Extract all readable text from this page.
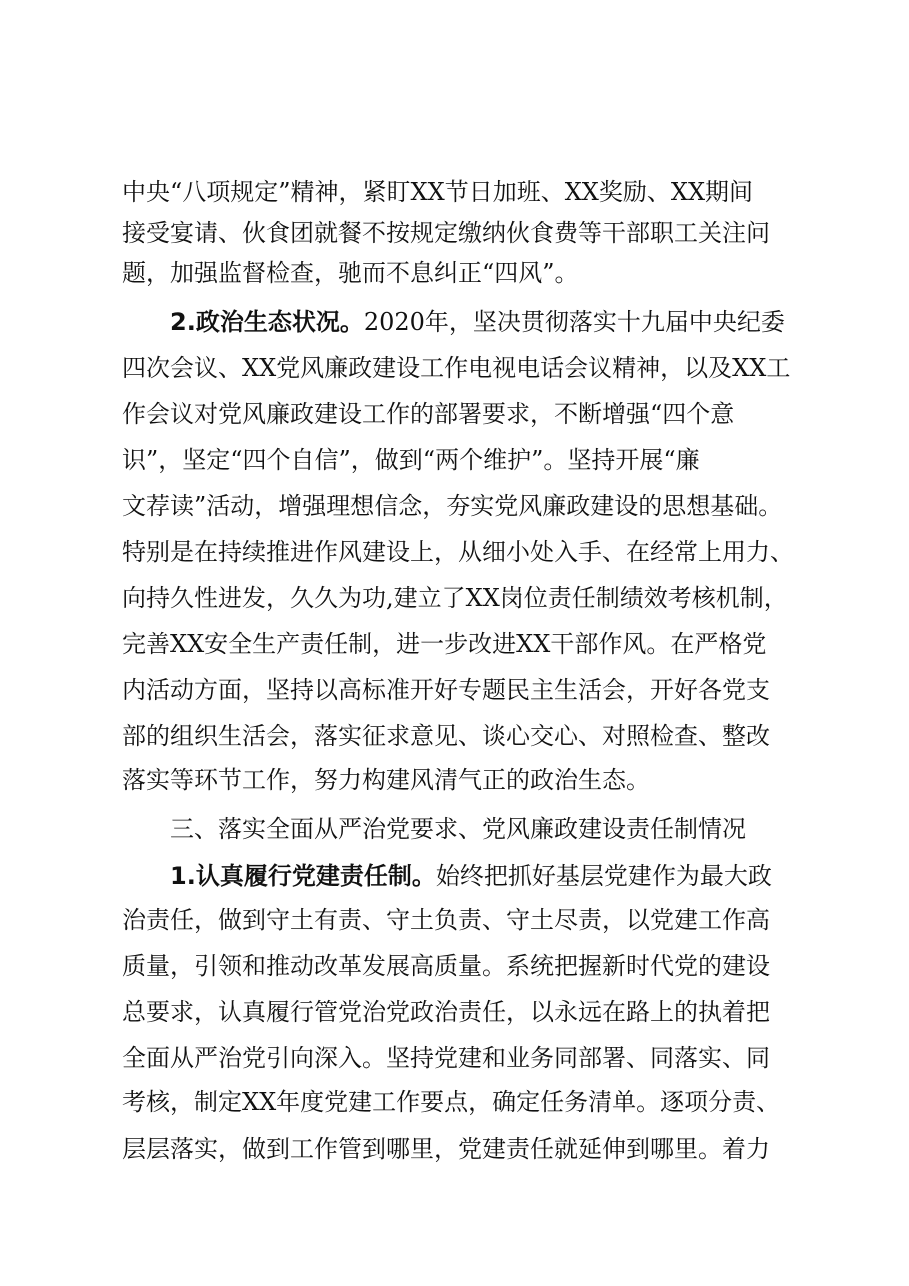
中央“八项规定”精神，紧盯XX节日加班、XX奖励、XX期间
接受宴请、伙食团就餐不按规定缴纳伙食费等干部职工关注问
题，加强监督检查，驰而不息纠正“四风”。
2.政治生态状况。2020年，坚决贯彻落实十九届中央纪委
四次会议、XX党风廉政建设工作电视电话会议精神，以及XX工
作会议对党风廉政建设工作的部署要求，不断增强“四个意
识”，坚定“四个自信”，做到“两个维护”。坚持开展“廉
文荐读”活动，增强理想信念，夯实党风廉政建设的思想基础。
特别是在持续推进作风建设上，从细小处入手、在经常上用力、
向持久性进发，久久为功,建立了XX岗位责任制绩效考核机制，
完善XX安全生产责任制，进一步改进XX干部作风。在严格党
内活动方面，坚持以高标准开好专题民主生活会，开好各党支
部的组织生活会，落实征求意见、谈心交心、对照检查、整改
落实等环节工作，努力构建风清气正的政治生态。
三、落实全面从严治党要求、党风廉政建设责任制情况
1.认真履行党建责任制。始终把抓好基层党建作为最大政
治责任，做到守土有责、守土负责、守土尽责，以党建工作高
质量，引领和推动改革发展高质量。系统把握新时代党的建设
总要求，认真履行管党治党政治责任，以永远在路上的执着把
全面从严治党引向深入。坚持党建和业务同部署、同落实、同
考核，制定XX年度党建工作要点，确定任务清单。逐项分责、
层层落实，做到工作管到哪里，党建责任就延伸到哪里。着力
